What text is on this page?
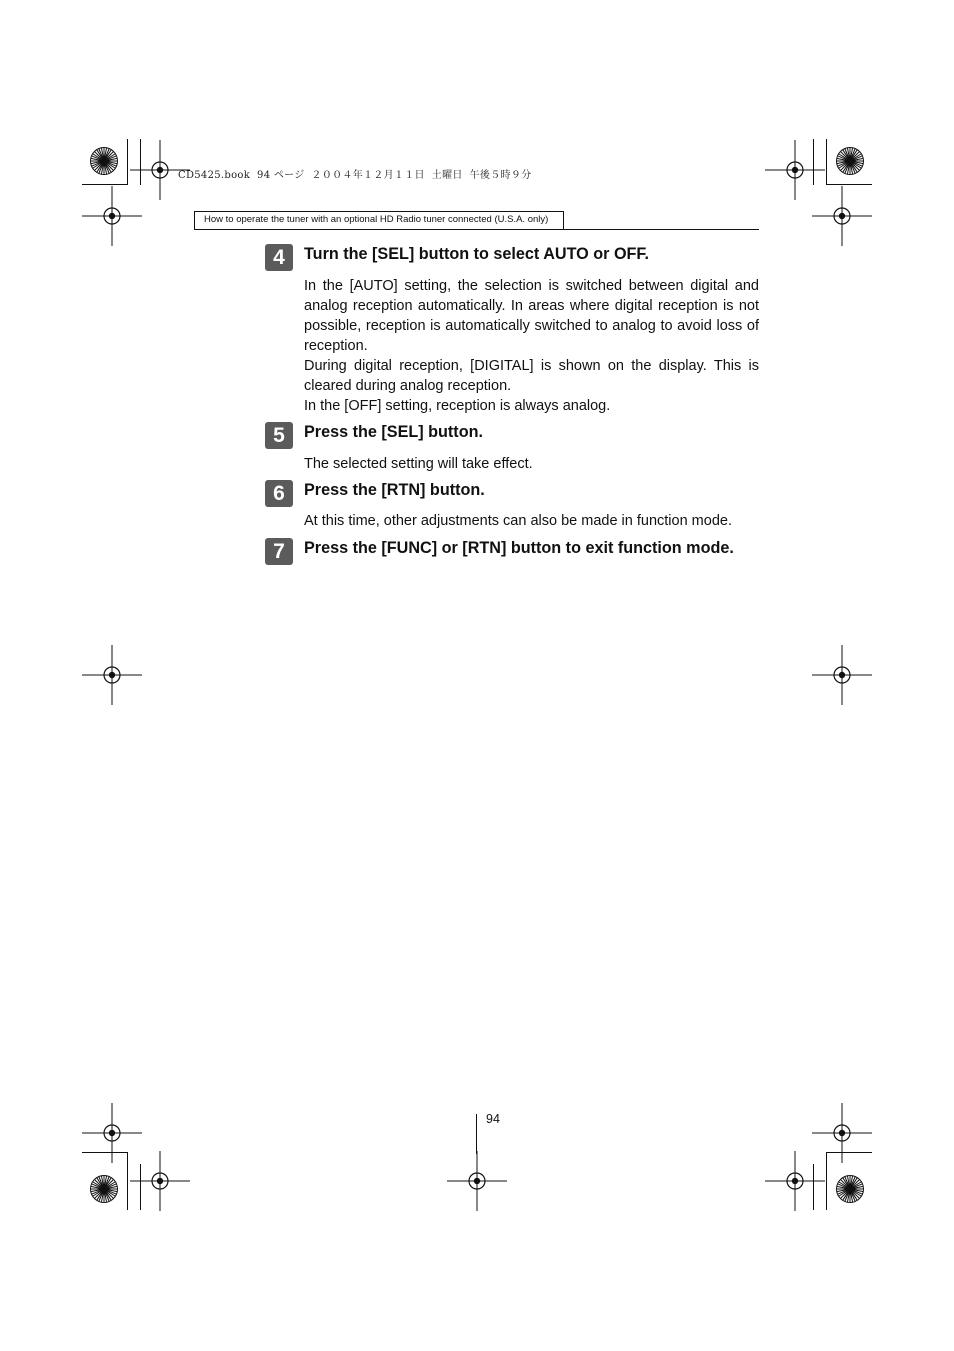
CD5425.book  94 ページ  ２００４年１２月１１日  土曜日  午後５時９分
How to operate the tuner with an optional HD Radio tuner connected (U.S.A. only)
4	Turn the [SEL] button to select AUTO or OFF.

In the [AUTO] setting, the selection is switched between digital and analog reception automatically. In areas where digital reception is not possible, reception is automatically switched to analog to avoid loss of reception.

During digital reception, [DIGITAL] is shown on the display. This is cleared during analog reception.

In the [OFF] setting, reception is always analog.

5	Press the [SEL] button.

The selected setting will take effect.

6	Press the [RTN] button.

At this time, other adjustments can also be made in function mode.

7	Press the [FUNC] or [RTN] button to exit function mode.
94
